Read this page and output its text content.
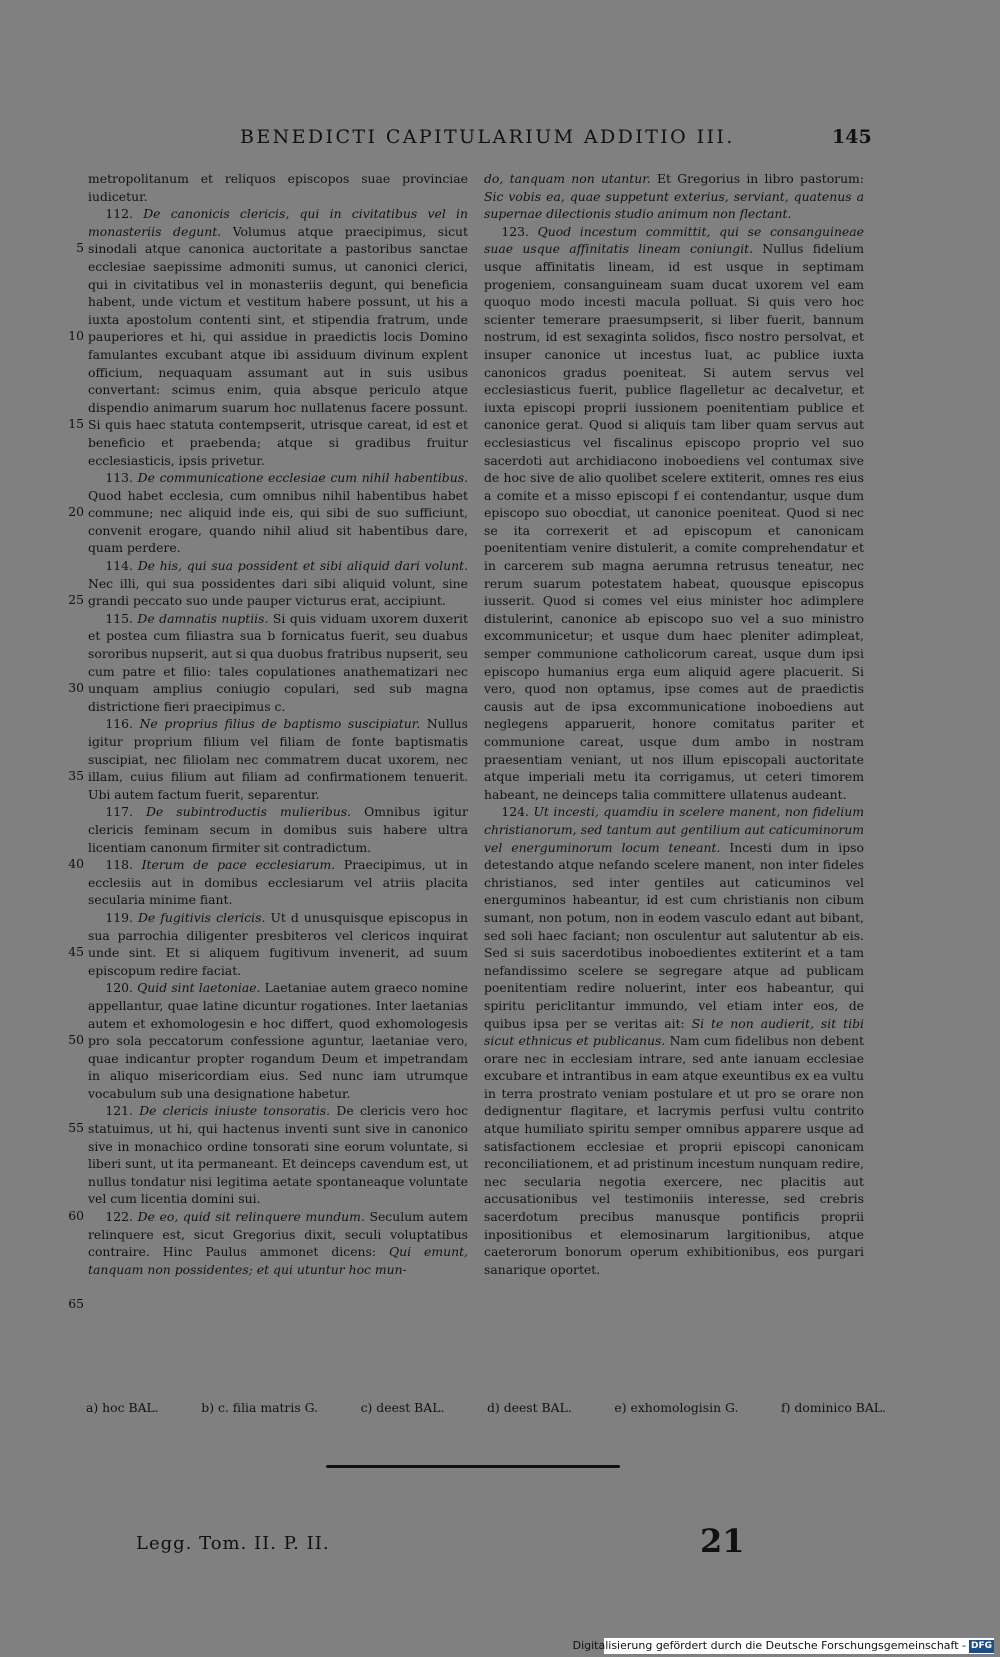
BENEDICTI CAPITULARIUM ADDITIO III.	145
5
10
15
20
25
30
35
40
45
50
55
60
65

metropolitanum et reliquos episcopos suae provinciae iudicetur.

112. De canonicis clericis, qui in civitatibus vel in monasteriis degunt. Volumus atque praecipimus, sicut sinodali atque canonica auctoritate a pastoribus sanctae ecclesiae saepissime admoniti sumus, ut canonici clerici, qui in civitatibus vel in monasteriis degunt, qui beneficia habent, unde victum et vestitum habere possunt, ut his a iuxta apostolum contenti sint, et stipendia fratrum, unde pauperiores et hi, qui assidue in praedictis locis Domino famulantes excubant atque ibi assiduum divinum explent officium, nequaquam assumant aut in suis usibus convertant: scimus enim, quia absque periculo atque dispendio animarum suarum hoc nullatenus facere possunt. Si quis haec statuta contempserit, utrisque careat, id est et beneficio et praebenda; atque si gradibus fruitur ecclesiasticis, ipsis privetur.

113. De communicatione ecclesiae cum nihil habentibus. Quod habet ecclesia, cum omnibus nihil habentibus habet commune; nec aliquid inde eis, qui sibi de suo sufficiunt, convenit erogare, quando nihil aliud sit habentibus dare, quam perdere.

114. De his, qui sua possident et sibi aliquid dari volunt. Nec illi, qui sua possidentes dari sibi aliquid volunt, sine grandi peccato suo unde pauper victurus erat, accipiunt.

115. De damnatis nuptiis. Si quis viduam uxorem duxerit et postea cum filiastra sua b fornicatus fuerit, seu duabus sororibus nupserit, aut si qua duobus fratribus nupserit, seu cum patre et filio: tales copulationes anathematizari nec unquam amplius coniugio copulari, sed sub magna districtione fieri praecipimus c.

116. Ne proprius filius de baptismo suscipiatur. Nullus igitur proprium filium vel filiam de fonte baptismatis suscipiat, nec filiolam nec commatrem ducat uxorem, nec illam, cuius filium aut filiam ad confirmationem tenuerit. Ubi autem factum fuerit, separentur.

117. De subintroductis mulieribus. Omnibus igitur clericis feminam secum in domibus suis habere ultra licentiam canonum firmiter sit contradictum.

118. Iterum de pace ecclesiarum. Praecipimus, ut in ecclesiis aut in domibus ecclesiarum vel atriis placita secularia minime fiant.

119. De fugitivis clericis. Ut d unusquisque episcopus in sua parrochia diligenter presbiteros vel clericos inquirat unde sint. Et si aliquem fugitivum invenerit, ad suum episcopum redire faciat.

120. Quid sint laetoniae. Laetaniae autem graeco nomine appellantur, quae latine dicuntur rogationes. Inter laetanias autem et exhomologesin e hoc differt, quod exhomologesis pro sola peccatorum confessione aguntur, laetaniae vero, quae indicantur propter rogandum Deum et impetrandam in aliquo misericordiam eius. Sed nunc iam utrumque vocabulum sub una designatione habetur.

121. De clericis iniuste tonsoratis. De clericis vero hoc statuimus, ut hi, qui hactenus inventi sunt sive in canonico sive in monachico ordine tonsorati sine eorum voluntate, si liberi sunt, ut ita permaneant. Et deinceps cavendum est, ut nullus tondatur nisi legitima aetate spontaneaque voluntate vel cum licentia domini sui.

122. De eo, quid sit relinquere mundum. Seculum autem relinquere est, sicut Gregorius dixit, seculi voluptatibus contraire. Hinc Paulus ammonet dicens: Qui emunt, tanquam non possidentes; et qui utuntur hoc mun-

do, tanquam non utantur. Et Gregorius in libro pastorum: Sic vobis ea, quae suppetunt exterius, serviant, quatenus a supernae dilectionis studio animum non flectant.

123. Quod incestum committit, qui se consanguineae suae usque affinitatis lineam coniungit. Nullus fidelium usque affinitatis lineam, id est usque in septimam progeniem, consanguineam suam ducat uxorem vel eam quoquo modo incesti macula polluat. Si quis vero hoc scienter temerare praesumpserit, si liber fuerit, bannum nostrum, id est sexaginta solidos, fisco nostro persolvat, et insuper canonice ut incestus luat, ac publice iuxta canonicos gradus poeniteat. Si autem servus vel ecclesiasticus fuerit, publice flagelletur ac decalvetur, et iuxta episcopi proprii iussionem poenitentiam publice et canonice gerat. Quod si aliquis tam liber quam servus aut ecclesiasticus vel fiscalinus episcopo proprio vel suo sacerdoti aut archidiacono inoboediens vel contumax sive de hoc sive de alio quolibet scelere extiterit, omnes res eius a comite et a misso episcopi f ei contendantur, usque dum episcopo suo obocdiat, ut canonice poeniteat. Quod si nec se ita correxerit et ad episcopum et canonicam poenitentiam venire distulerit, a comite comprehendatur et in carcerem sub magna aerumna retrusus teneatur, nec rerum suarum potestatem habeat, quousque episcopus iusserit. Quod si comes vel eius minister hoc adimplere distulerint, canonice ab episcopo suo vel a suo ministro excommunicetur; et usque dum haec pleniter adimpleat, semper communione catholicorum careat, usque dum ipsi episcopo humanius erga eum aliquid agere placuerit. Si vero, quod non optamus, ipse comes aut de praedictis causis aut de ipsa excommunicatione inoboediens aut neglegens apparuerit, honore comitatus pariter et communione careat, usque dum ambo in nostram praesentiam veniant, ut nos illum episcopali auctoritate atque imperiali metu ita corrigamus, ut ceteri timorem habeant, ne deinceps talia committere ullatenus audeant.

124. Ut incesti, quamdiu in scelere manent, non fidelium christianorum, sed tantum aut gentilium aut caticuminorum vel energuminorum locum teneant. Incesti dum in ipso detestando atque nefando scelere manent, non inter fideles christianos, sed inter gentiles aut caticuminos vel energuminos habeantur, id est cum christianis non cibum sumant, non potum, non in eodem vasculo edant aut bibant, sed soli haec faciant; non osculentur aut salutentur ab eis. Sed si suis sacerdotibus inoboedientes extiterint et a tam nefandissimo scelere se segregare atque ad publicam poenitentiam redire noluerint, inter eos habeantur, qui spiritu periclitantur immundo, vel etiam inter eos, de quibus ipsa per se veritas ait: Si te non audierit, sit tibi sicut ethnicus et publicanus. Nam cum fidelibus non debent orare nec in ecclesiam intrare, sed ante ianuam ecclesiae excubare et intrantibus in eam atque exeuntibus ex ea vultu in terra prostrato veniam postulare et ut pro se orare non dedignentur flagitare, et lacrymis perfusi vultu contrito atque humiliato spiritu semper omnibus apparere usque ad satisfactionem ecclesiae et proprii episcopi canonicam reconciliationem, et ad pristinum incestum nunquam redire, nec secularia negotia exercere, nec placitis aut accusationibus vel testimoniis interesse, sed crebris sacerdotum precibus manusque pontificis proprii inpositionibus et elemosinarum largitionibus, atque caeterorum bonorum operum exhibitionibus, eos purgari sanarique oportet.

a) hoc BAL.	b) c. filia matris G.	c) deest BAL.	d) deest BAL.	e) exhomologisin G.	f) dominico BAL.
Legg. Tom. II. P. II.	21
Digitalisierung gefördert durch die Deutsche Forschungsgemeinschaft - DFG
